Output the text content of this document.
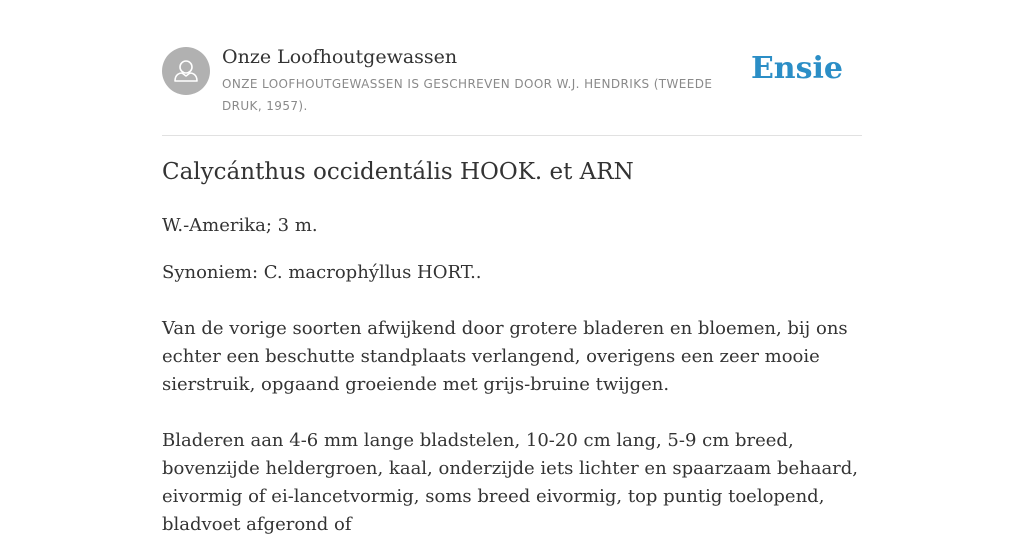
Onze Loofhoutgewassen
ONZE LOOFHOUTGEWASSEN IS GESCHREVEN DOOR W.J. HENDRIKS (TWEEDE DRUK, 1957).
Ensie
Calycánthus occidentális HOOK. et ARN

W.-Amerika; 3 m.

Synoniem: C. macrophýllus HORT..

Van de vorige soorten afwijkend door grotere bladeren en bloemen, bij ons echter een beschutte standplaats verlangend, overigens een zeer mooie sierstruik, opgaand groeiende met grijs-bruine twijgen.

Bladeren aan 4-6 mm lange bladstelen, 10-20 cm lang, 5-9 cm breed, bovenzijde heldergroen, kaal, onderzijde iets lichter en spaarzaam behaard, eivormig of ei-lancetvormig, soms breed eivormig, top puntig toelopend, bladvoet afgerond of
